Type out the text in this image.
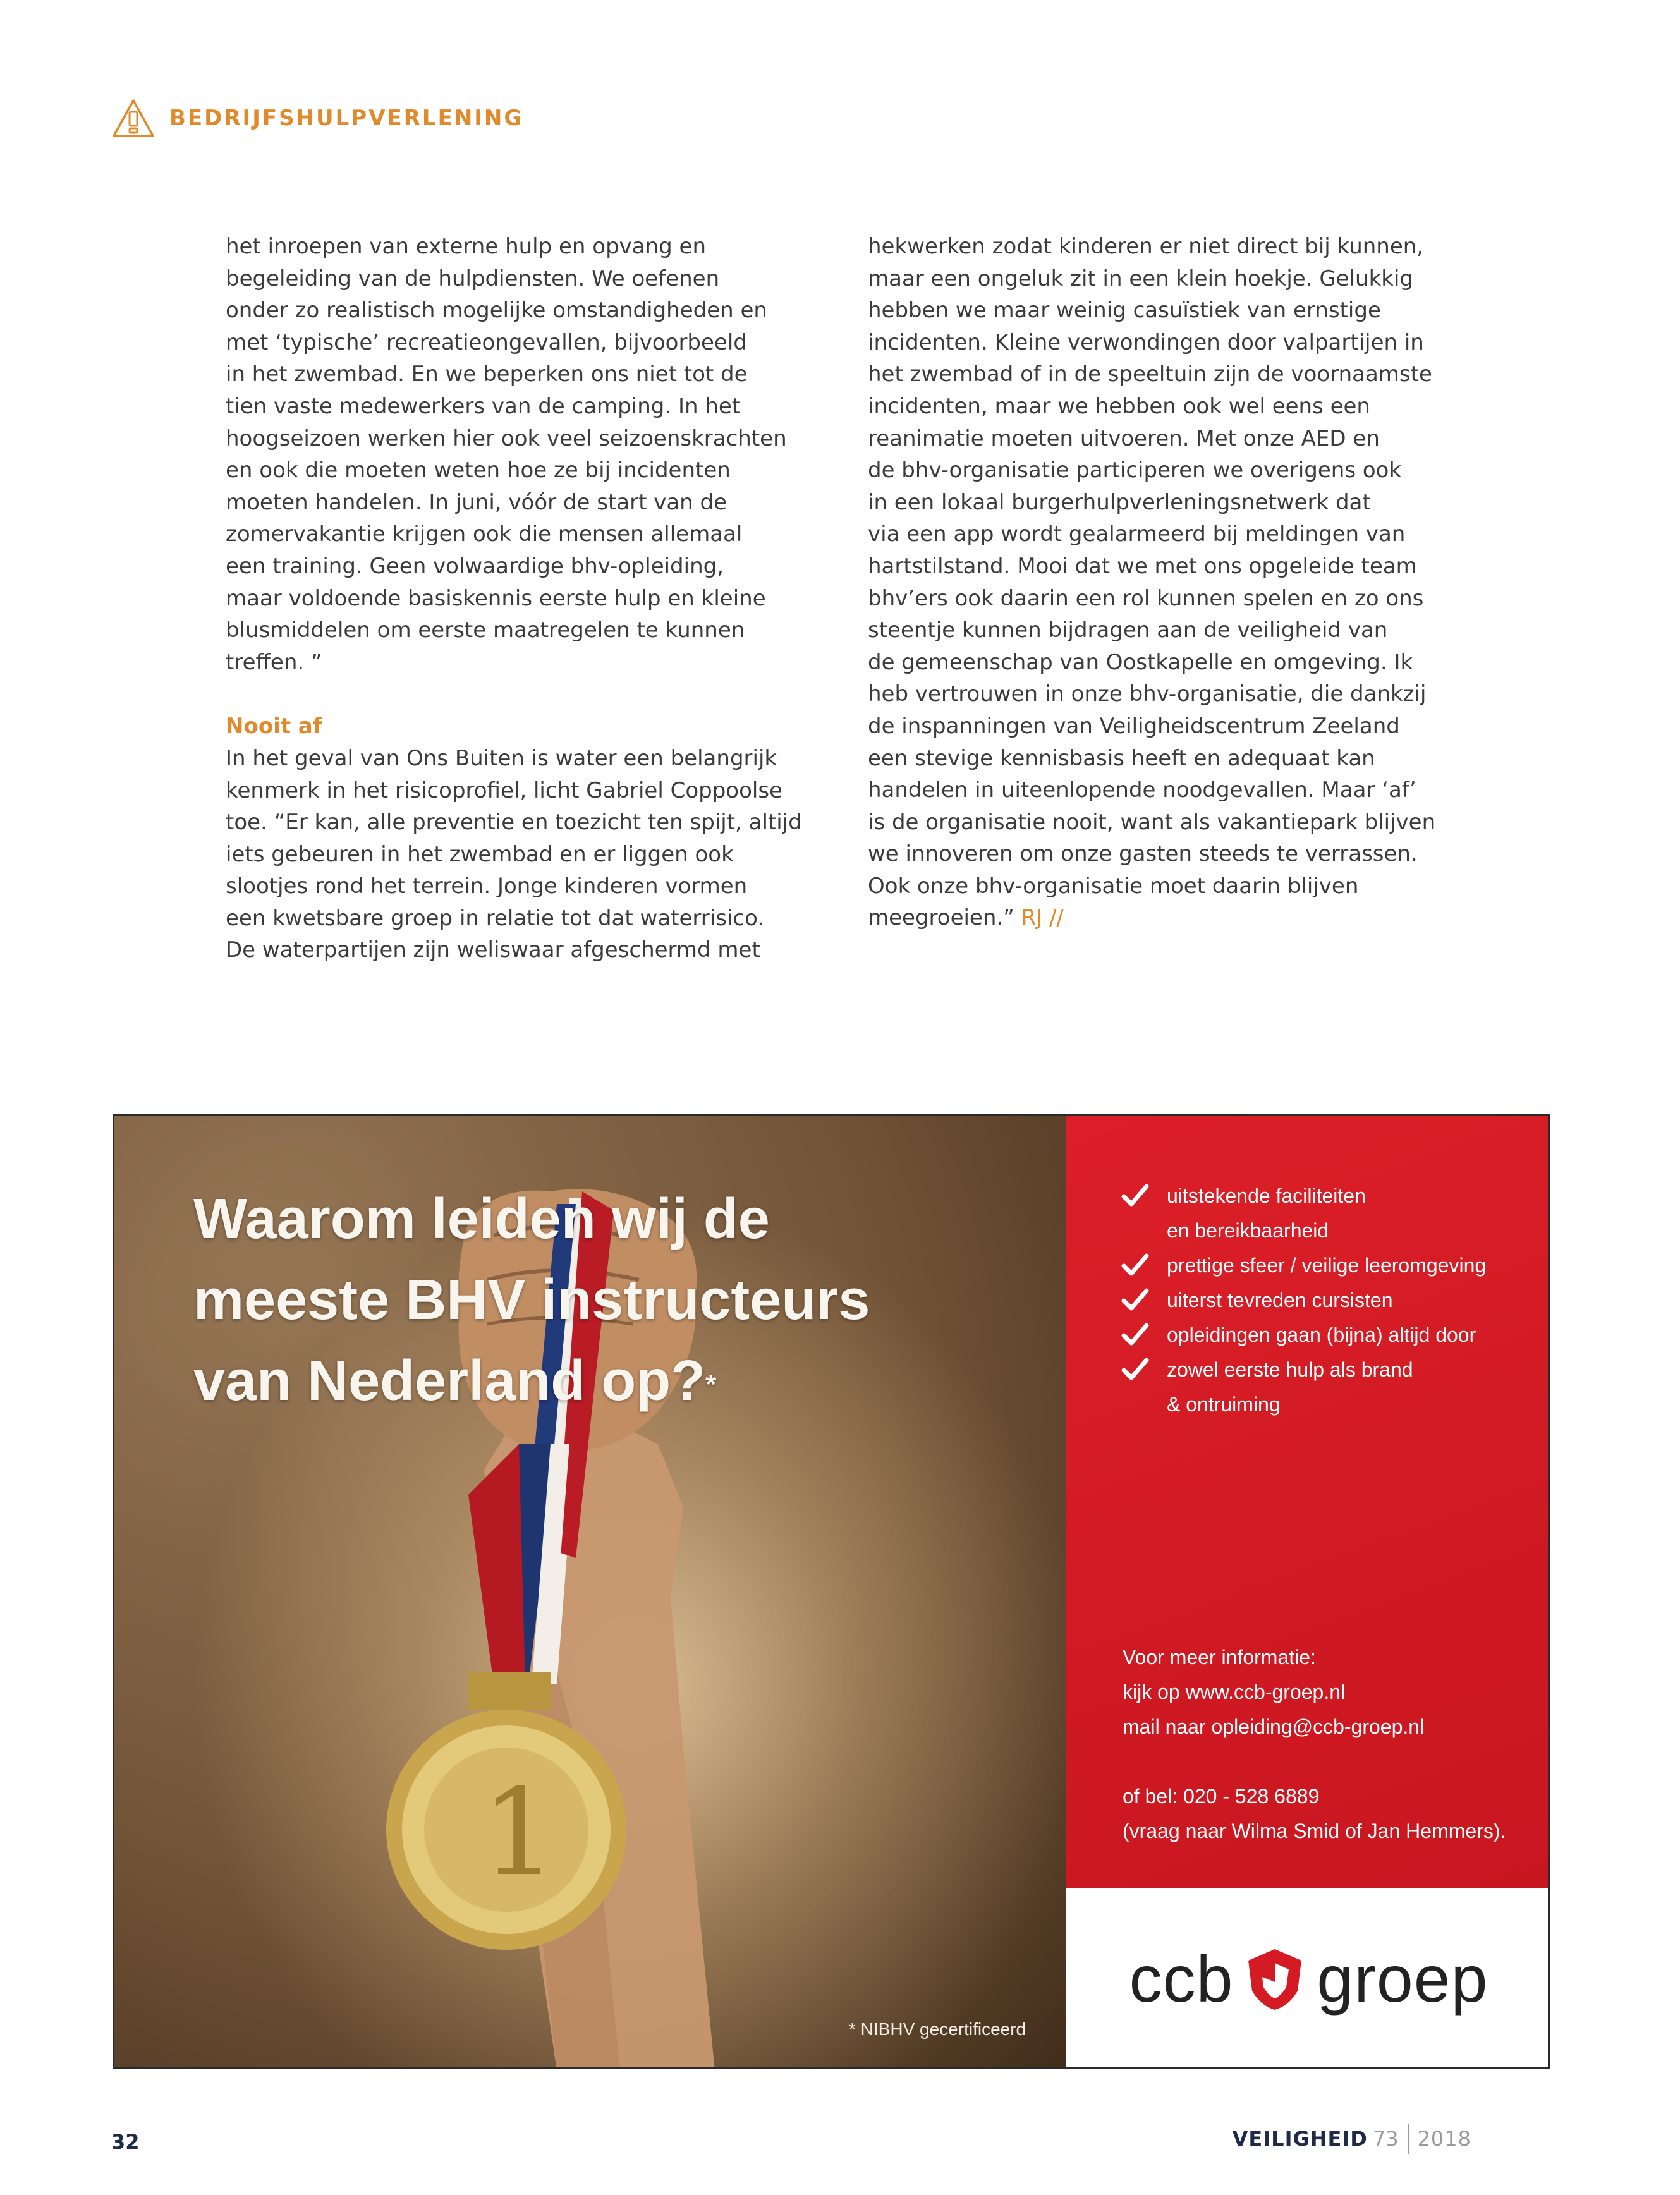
BEDRIJFSHULPVERLENING

het inroepen van externe hulp en opvang en
begeleiding van de hulpdiensten. We oefenen
onder zo realistisch mogelijke omstandigheden en
met ‘typische’ recreatieongevallen, bijvoorbeeld
in het zwembad. En we beperken ons niet tot de
tien vaste medewerkers van de camping. In het
hoogseizoen werken hier ook veel seizoenskrachten
en ook die moeten weten hoe ze bij incidenten
moeten handelen. In juni, vóór de start van de
zomervakantie krijgen ook die mensen allemaal
een training. Geen volwaardige bhv-opleiding,
maar voldoende basiskennis eerste hulp en kleine
blusmiddelen om eerste maatregelen te kunnen
treffen. ”

Nooit af
In het geval van Ons Buiten is water een belangrijk
kenmerk in het risicoprofiel, licht Gabriel Coppoolse
toe. “Er kan, alle preventie en toezicht ten spijt, altijd
iets gebeuren in het zwembad en er liggen ook
slootjes rond het terrein. Jonge kinderen vormen
een kwetsbare groep in relatie tot dat waterrisico.
De waterpartijen zijn weliswaar afgeschermd met

hekwerken zodat kinderen er niet direct bij kunnen,
maar een ongeluk zit in een klein hoekje. Gelukkig
hebben we maar weinig casuïstiek van ernstige
incidenten. Kleine verwondingen door valpartijen in
het zwembad of in de speeltuin zijn de voornaamste
incidenten, maar we hebben ook wel eens een
reanimatie moeten uitvoeren. Met onze AED en
de bhv-organisatie participeren we overigens ook
in een lokaal burgerhulpverleningsnetwerk dat
via een app wordt gealarmeerd bij meldingen van
hartstilstand. Mooi dat we met ons opgeleide team
bhv’ers ook daarin een rol kunnen spelen en zo ons
steentje kunnen bijdragen aan de veiligheid van
de gemeenschap van Oostkapelle en omgeving. Ik
heb vertrouwen in onze bhv-organisatie, die dankzij
de inspanningen van Veiligheidscentrum Zeeland
een stevige kennisbasis heeft en adequaat kan
handelen in uiteenlopende noodgevallen. Maar ‘af’
is de organisatie nooit, want als vakantiepark blijven
we innoveren om onze gasten steeds te verrassen.
Ook onze bhv-organisatie moet daarin blijven
meegroeien.” RJ //

1
Waarom leiden wij de
meeste BHV instructeurs
van Nederland op?*
* NIBHV gecertificeerd
uitstekende faciliteiten
en bereikbaarheid
prettige sfeer / veilige leeromgeving
uiterst tevreden cursisten
opleidingen gaan (bijna) altijd door
zowel eerste hulp als brand
& ontruiming
Voor meer informatie:
kijk op www.ccb-groep.nl
mail naar opleiding@ccb-groep.nl
of bel: 020 - 528 6889
(vraag naar Wilma Smid of Jan Hemmers).
ccb groep
32	VEILIGHEID 73 2018
